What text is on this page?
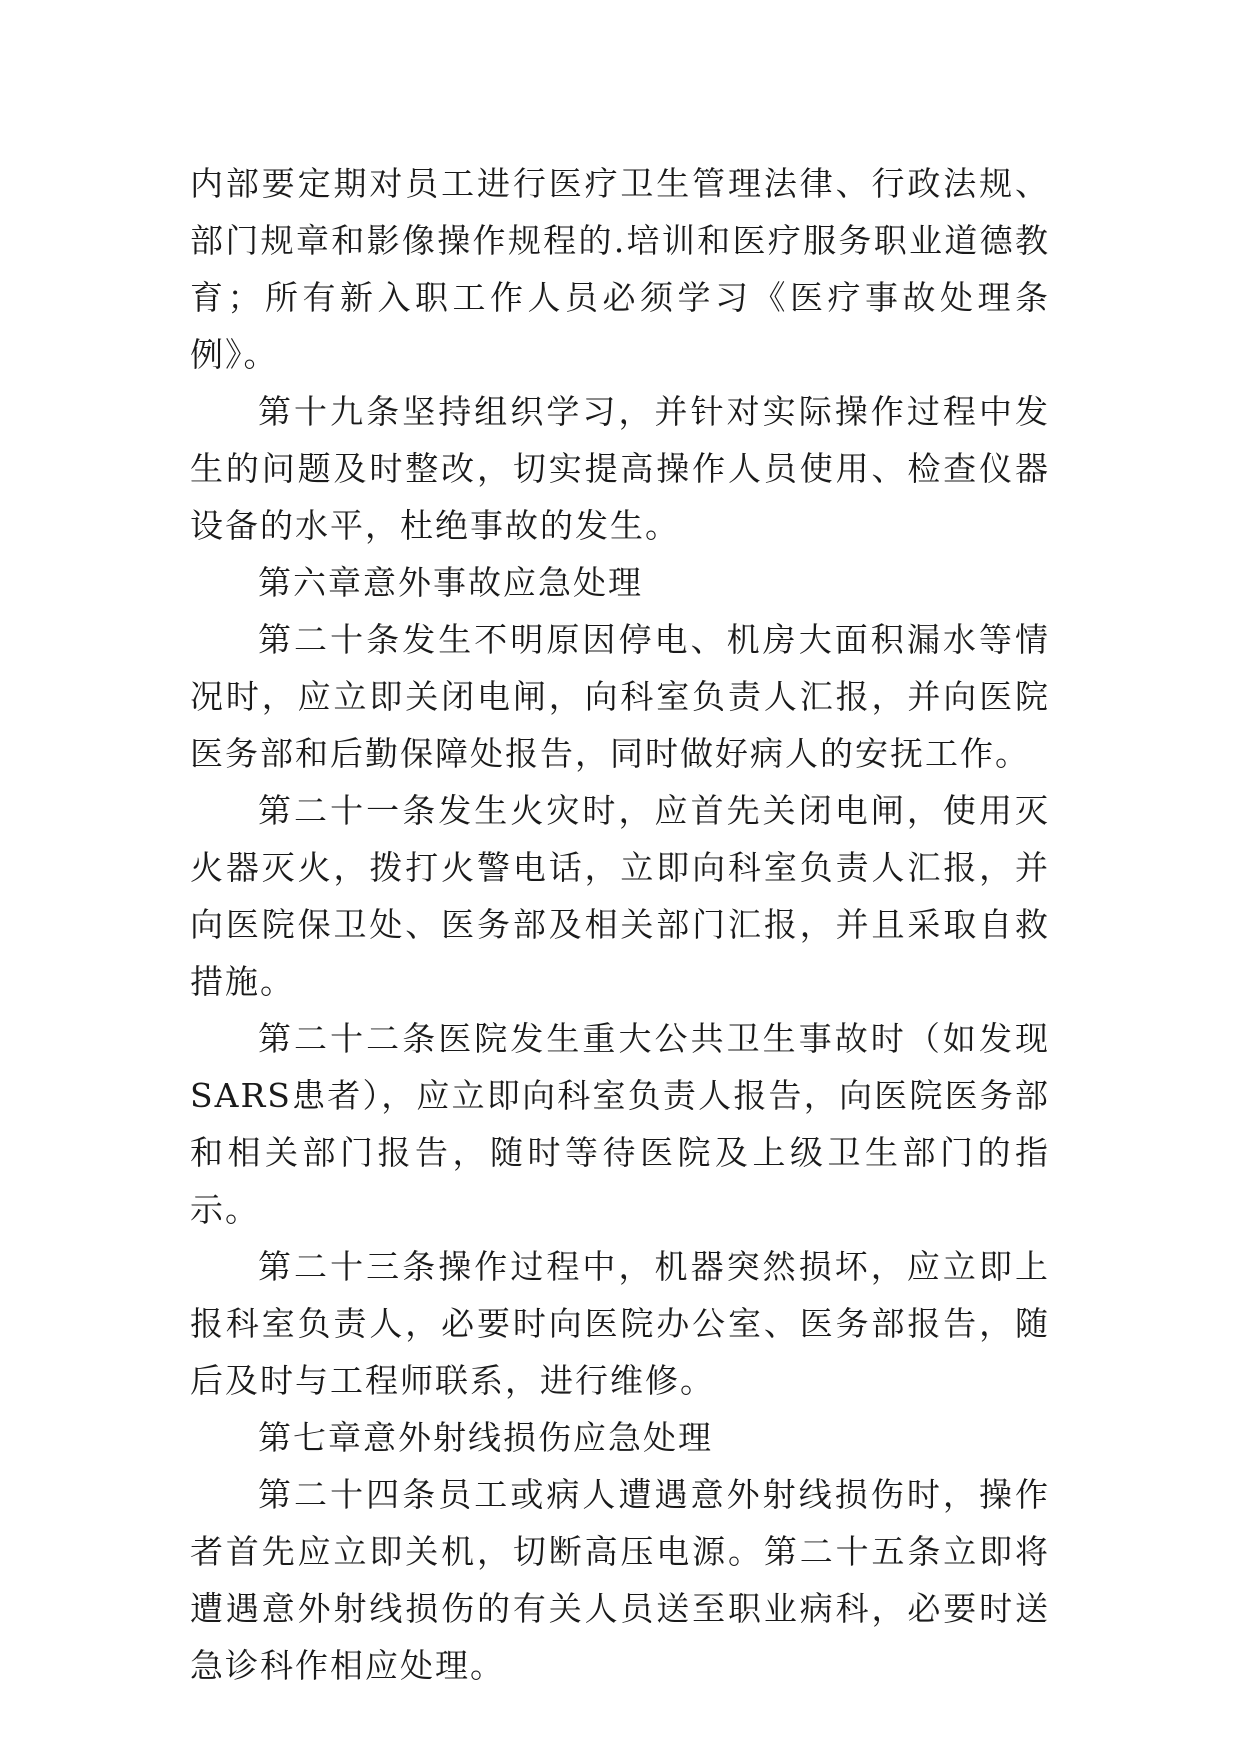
内部要定期对员工进行医疗卫生管理法律、行政法规、部门规章和影像操作规程的.培训和医疗服务职业道德教育；所有新入职工作人员必须学习《医疗事故处理条例》。

第十九条坚持组织学习，并针对实际操作过程中发生的问题及时整改，切实提高操作人员使用、检查仪器设备的水平，杜绝事故的发生。

第六章意外事故应急处理

第二十条发生不明原因停电、机房大面积漏水等情况时，应立即关闭电闸，向科室负责人汇报，并向医院医务部和后勤保障处报告，同时做好病人的安抚工作。

第二十一条发生火灾时，应首先关闭电闸，使用灭火器灭火，拨打火警电话，立即向科室负责人汇报，并向医院保卫处、医务部及相关部门汇报，并且采取自救措施。

第二十二条医院发生重大公共卫生事故时（如发现SARS患者），应立即向科室负责人报告，向医院医务部和相关部门报告，随时等待医院及上级卫生部门的指示。

第二十三条操作过程中，机器突然损坏，应立即上报科室负责人，必要时向医院办公室、医务部报告，随后及时与工程师联系，进行维修。

第七章意外射线损伤应急处理

第二十四条员工或病人遭遇意外射线损伤时，操作者首先应立即关机，切断高压电源。第二十五条立即将遭遇意外射线损伤的有关人员送至职业病科，必要时送急诊科作相应处理。
